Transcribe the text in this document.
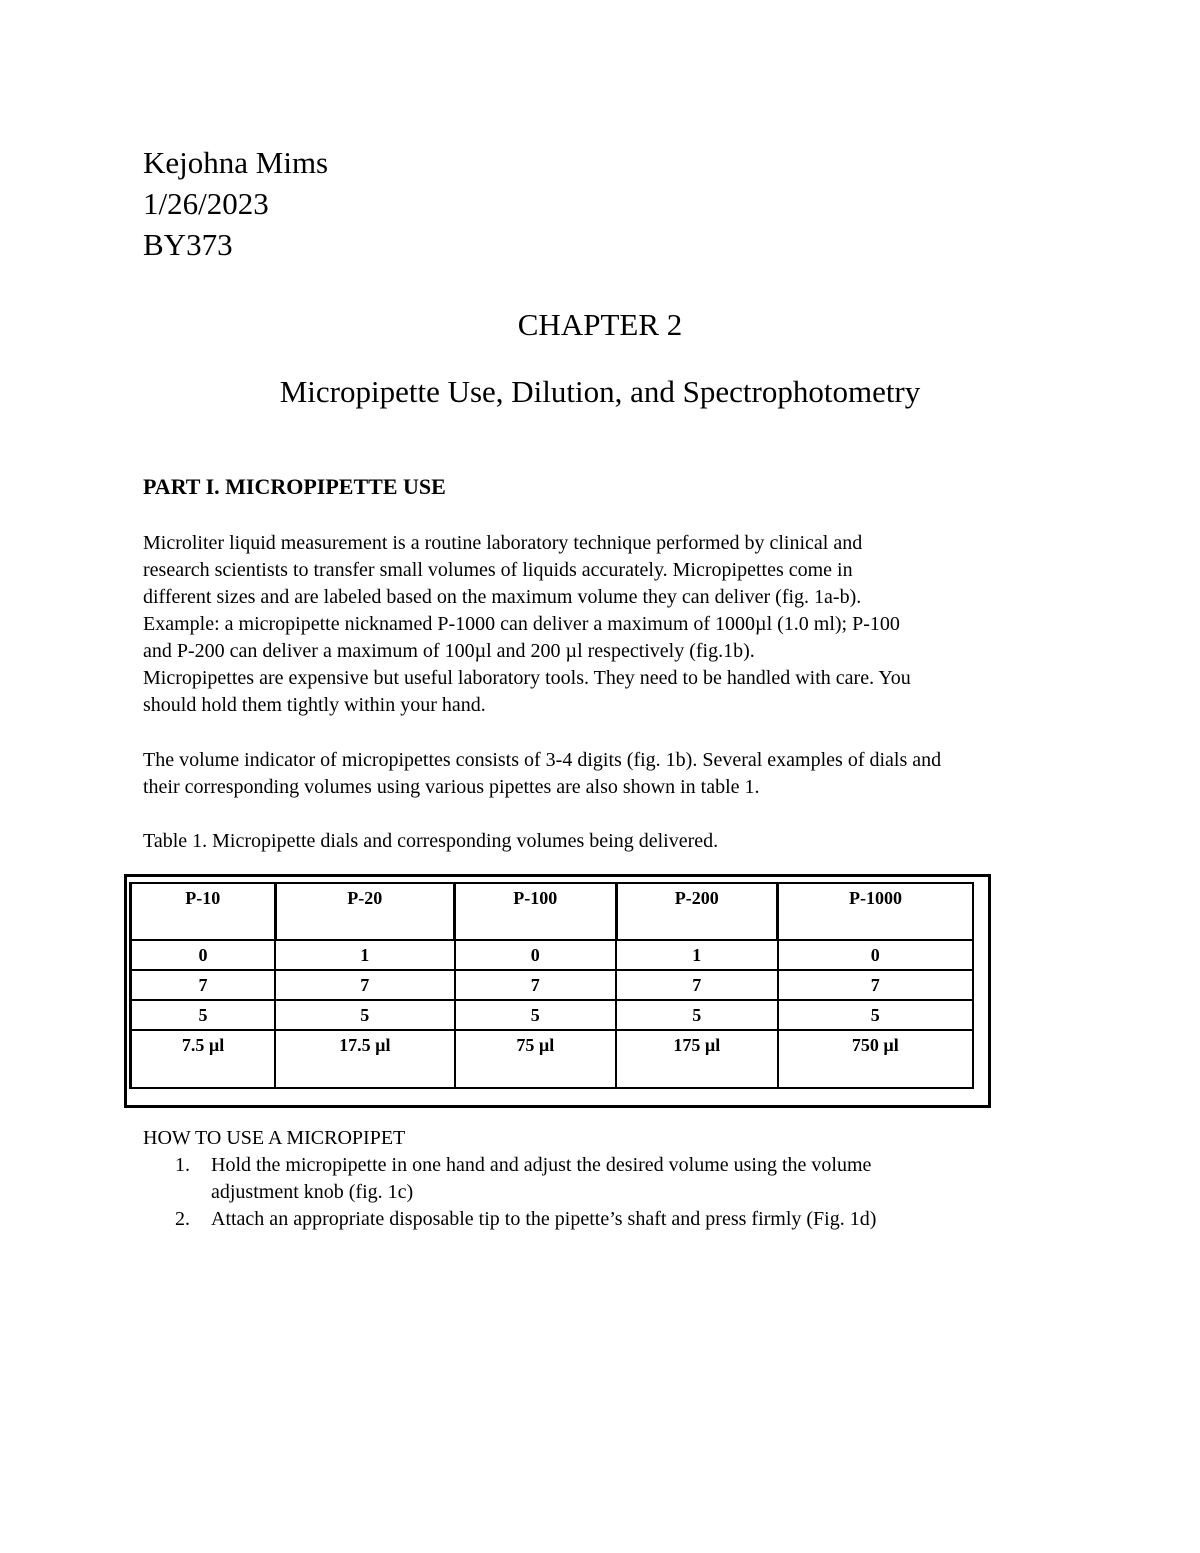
Kejohna Mims
1/26/2023
BY373
CHAPTER 2
Micropipette Use, Dilution, and Spectrophotometry
PART I. MICROPIPETTE USE
Microliter liquid measurement is a routine laboratory technique performed by clinical and
research scientists to transfer small volumes of liquids accurately. Micropipettes come in
different sizes and are labeled based on the maximum volume they can deliver (fig. 1a-b).
Example: a micropipette nicknamed P-1000 can deliver a maximum of 1000µl (1.0 ml); P-100
and P-200 can deliver a maximum of 100µl and 200 µl respectively (fig.1b).
Micropipettes are expensive but useful laboratory tools. They need to be handled with care. You
should hold them tightly within your hand.
The volume indicator of micropipettes consists of 3-4 digits (fig. 1b). Several examples of dials and
their corresponding volumes using various pipettes are also shown in table 1.
Table 1. Micropipette dials and corresponding volumes being delivered.
P-10	P-20	P-100	P-200	P-1000
0	1	0	1	0
7	7	7	7	7
5	5	5	5	5
7.5 µl	17.5 µl	75 µl	175 µl	750 µl
HOW TO USE A MICROPIPET
1. Hold the micropipette in one hand and adjust the desired volume using the volume
adjustment knob (fig. 1c)
2. Attach an appropriate disposable tip to the pipette’s shaft and press firmly (Fig. 1d)
